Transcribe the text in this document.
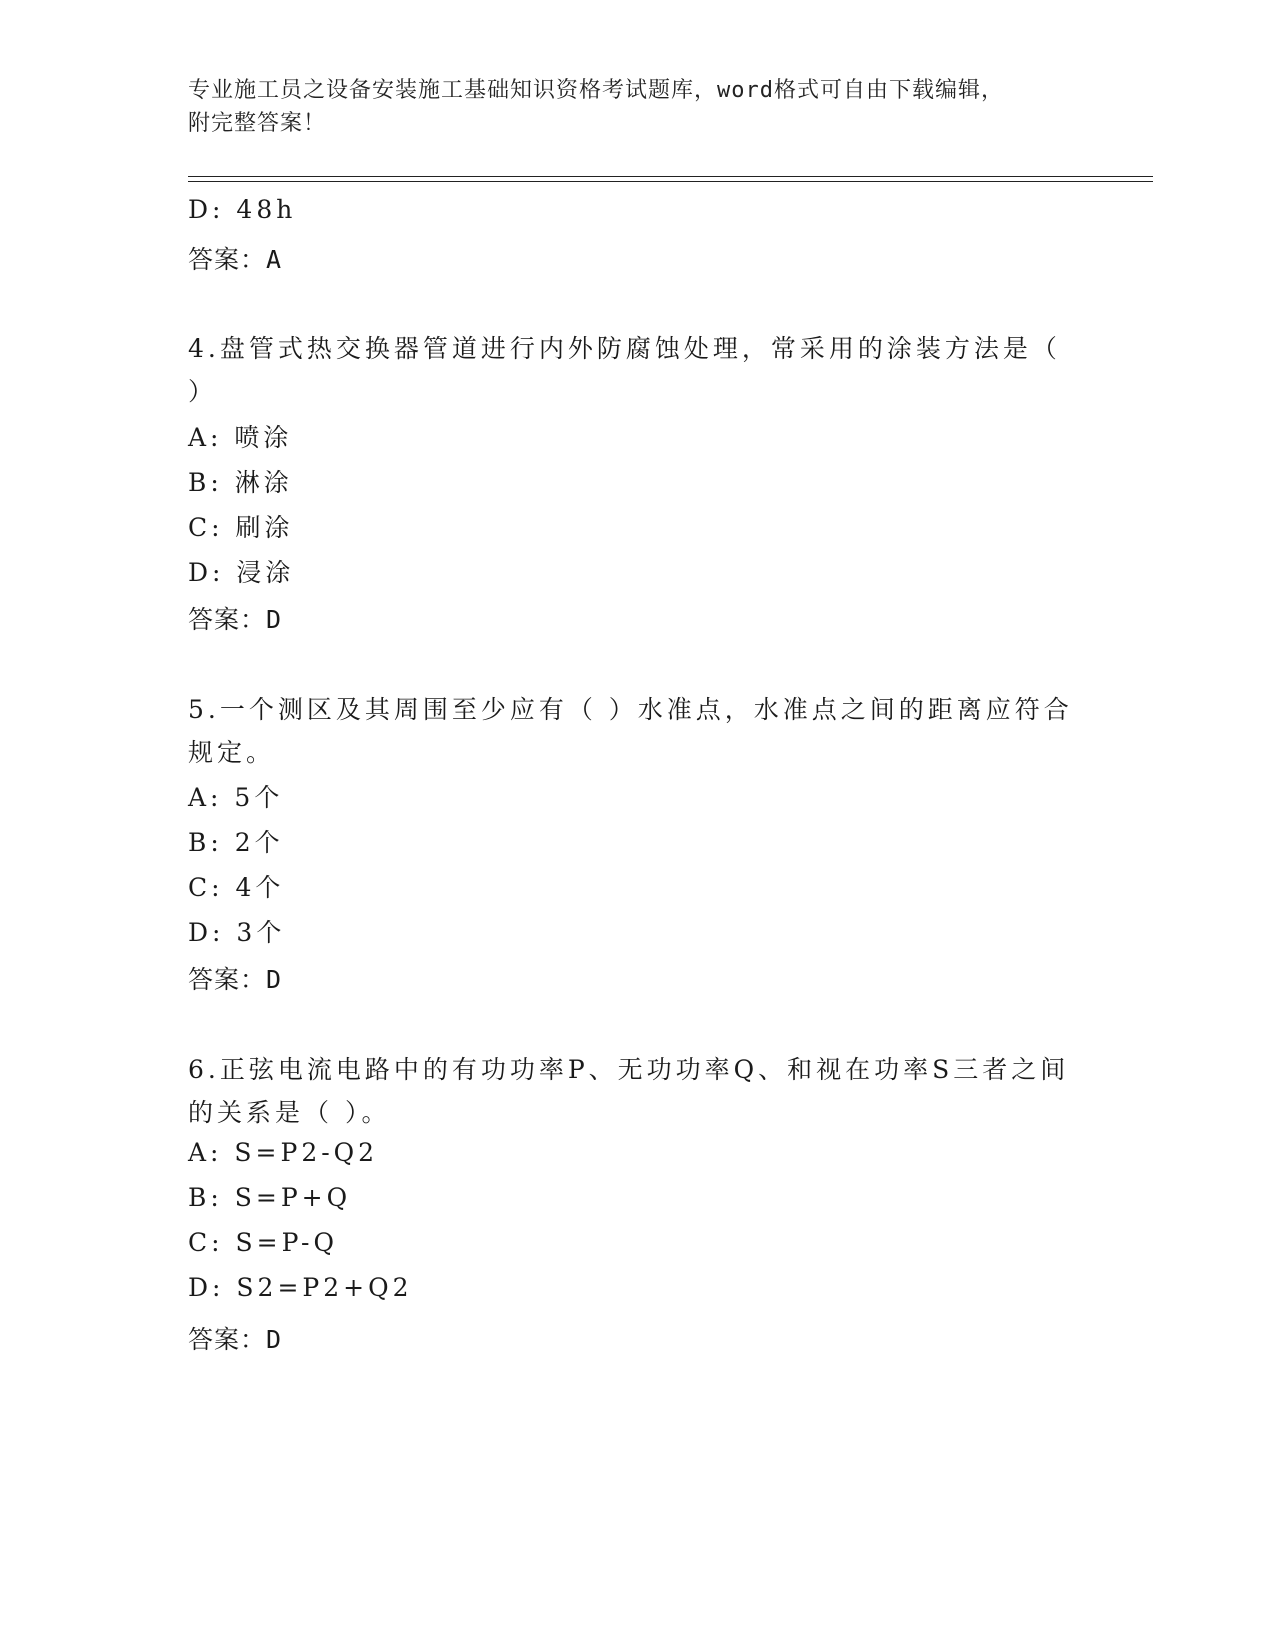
专业施工员之设备安装施工基础知识资格考试题库，word格式可自由下载编辑，
附完整答案！
D: 48h
答案：A
4.盘管式热交换器管道进行内外防腐蚀处理，常采用的涂装方法是（
）
A: 喷涂
B: 淋涂
C: 刷涂
D: 浸涂
答案：D
5.一个测区及其周围至少应有（ ）水准点，水准点之间的距离应符合
规定。
A: 5个
B: 2个
C: 4个
D: 3个
答案：D
6.正弦电流电路中的有功功率P、无功功率Q、和视在功率S三者之间
的关系是（ ）。
A: S=P2-Q2
B: S=P+Q
C: S=P-Q
D: S2=P2+Q2
答案：D
